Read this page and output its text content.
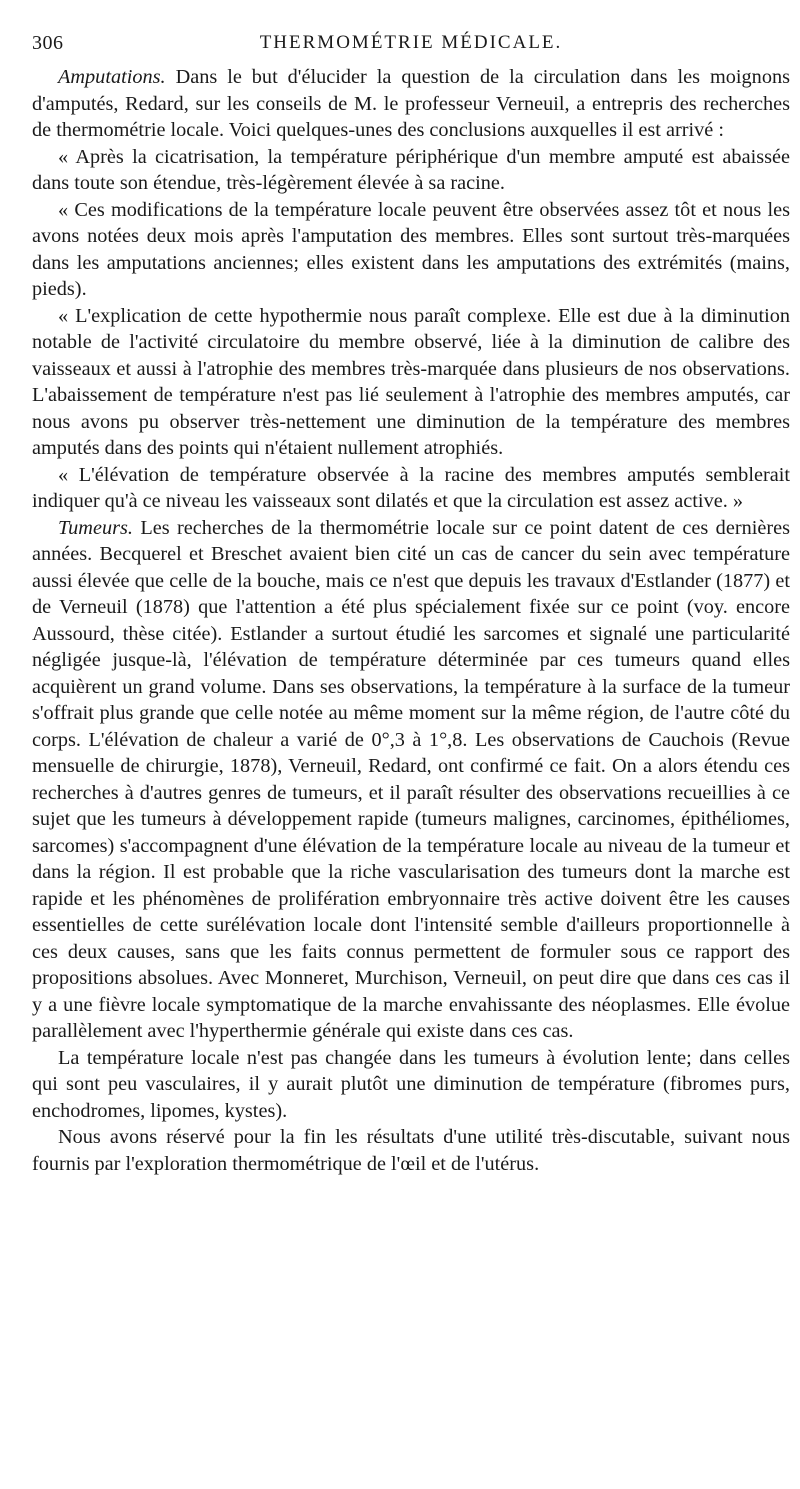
306	THERMOMÉTRIE MÉDICALE.

Amputations. Dans le but d'élucider la question de la circulation dans les moignons d'amputés, Redard, sur les conseils de M. le professeur Verneuil, a entrepris des recherches de thermométrie locale. Voici quelques-unes des conclusions auxquelles il est arrivé :

« Après la cicatrisation, la température périphérique d'un membre amputé est abaissée dans toute son étendue, très-légèrement élevée à sa racine.

« Ces modifications de la température locale peuvent être observées assez tôt et nous les avons notées deux mois après l'amputation des membres. Elles sont surtout très-marquées dans les amputations anciennes; elles existent dans les amputations des extrémités (mains, pieds).

« L'explication de cette hypothermie nous paraît complexe. Elle est due à la diminution notable de l'activité circulatoire du membre observé, liée à la diminution de calibre des vaisseaux et aussi à l'atrophie des membres très-marquée dans plusieurs de nos observations. L'abaissement de température n'est pas lié seulement à l'atrophie des membres amputés, car nous avons pu observer très-nettement une diminution de la température des membres amputés dans des points qui n'étaient nullement atrophiés.

« L'élévation de température observée à la racine des membres amputés semblerait indiquer qu'à ce niveau les vaisseaux sont dilatés et que la circulation est assez active. »

Tumeurs. Les recherches de la thermométrie locale sur ce point datent de ces dernières années. Becquerel et Breschet avaient bien cité un cas de cancer du sein avec température aussi élevée que celle de la bouche, mais ce n'est que depuis les travaux d'Estlander (1877) et de Verneuil (1878) que l'attention a été plus spécialement fixée sur ce point (voy. encore Aussourd, thèse citée). Estlander a surtout étudié les sarcomes et signalé une particularité négligée jusque-là, l'élévation de température déterminée par ces tumeurs quand elles acquièrent un grand volume. Dans ses observations, la température à la surface de la tumeur s'offrait plus grande que celle notée au même moment sur la même région, de l'autre côté du corps. L'élévation de chaleur a varié de 0°,3 à 1°,8. Les observations de Cauchois (Revue mensuelle de chirurgie, 1878), Verneuil, Redard, ont confirmé ce fait. On a alors étendu ces recherches à d'autres genres de tumeurs, et il paraît résulter des observations recueillies à ce sujet que les tumeurs à développement rapide (tumeurs malignes, carcinomes, épithéliomes, sarcomes) s'accompagnent d'une élévation de la température locale au niveau de la tumeur et dans la région. Il est probable que la riche vascularisation des tumeurs dont la marche est rapide et les phénomènes de prolifération embryonnaire très active doivent être les causes essentielles de cette surélévation locale dont l'intensité semble d'ailleurs proportionnelle à ces deux causes, sans que les faits connus permettent de formuler sous ce rapport des propositions absolues. Avec Monneret, Murchison, Verneuil, on peut dire que dans ces cas il y a une fièvre locale symptomatique de la marche envahissante des néoplasmes. Elle évolue parallèlement avec l'hyperthermie générale qui existe dans ces cas.

La température locale n'est pas changée dans les tumeurs à évolution lente; dans celles qui sont peu vasculaires, il y aurait plutôt une diminution de température (fibromes purs, enchodromes, lipomes, kystes).

Nous avons réservé pour la fin les résultats d'une utilité très-discutable, suivant nous fournis par l'exploration thermométrique de l'œil et de l'utérus.
